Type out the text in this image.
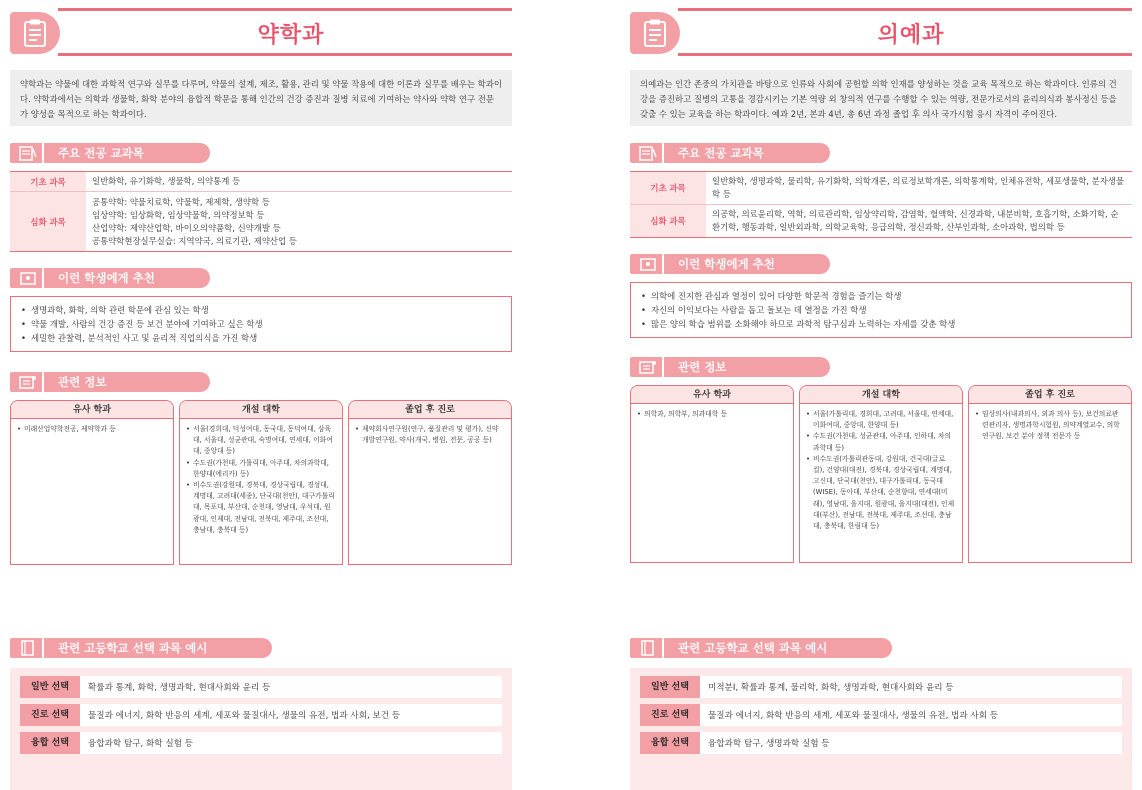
약학과
약학과는 약물에 대한 과학적 연구와 실무를 다루며, 약물의 설계, 제조, 활용, 관리 및 약물 작용에 대한 이론과 실무를 배우는 학과이다. 약학과에서는 의학과 생물학, 화학 분야의 융합적 학문을 통해 인간의 건강 증진과 질병 치료에 기여하는 약사와 약학 연구 전문가 양성을 목적으로 하는 학과이다.
주요 전공 교과목
기초 과목	일반화학, 유기화학, 생물학, 의약통계 등

심화 과목	공통약학: 약물치료학, 약물학, 제제학, 생약학 등
임상약학: 임상화학, 임상약물학, 의약정보학 등
산업약학: 제약산업학, 바이오의약품학, 신약개발 등
공통약학현장실무실습: 지역약국, 의료기관, 제약산업 등
이런 학생에게 추천
• 생명과학, 화학, 의학 관련 학문에 관심 있는 학생
• 약물 개발, 사람의 건강 증진 등 보건 분야에 기여하고 싶은 학생
• 세밀한 관찰력, 분석적인 사고 및 윤리적 직업의식을 가진 학생
관련 정보
유사 학과
• 미래산업약학전공, 제약학과 등
개설 대학
• 서울(경희대, 덕성여대, 동국대, 동덕여대, 삼육대, 서울대, 성균관대, 숙명여대, 연세대, 이화여대, 중앙대 등)
• 수도권(가천대, 가톨릭대, 아주대, 차의과학대, 한양대(에리카) 등)
• 비수도권(강원대, 경북대, 경상국립대, 경성대, 계명대, 고려대(세종), 단국대(천안), 대구가톨릭대, 목포대, 부산대, 순천대, 영남대, 우석대, 원광대, 인제대, 전남대, 전북대, 제주대, 조선대, 충남대, 충북대 등)
졸업 후 진로
• 제약회사연구원(연구, 품질관리 및 평가), 신약개발연구원, 약사(개국, 병원, 전문, 공공 등)
관련 고등학교 선택 과목 예시
일반 선택	확률과 통계, 화학, 생명과학, 현대사회와 윤리 등
진로 선택	물질과 에너지, 화학 반응의 세계, 세포와 물질대사, 생물의 유전, 법과 사회, 보건 등
융합 선택	융합과학 탐구, 화학 실험 등
의예과
의예과는 인간 존중의 가치관을 바탕으로 인류와 사회에 공헌할 의학 인재를 양성하는 것을 교육 목적으로 하는 학과이다. 인류의 건강을 증진하고 질병의 고통을 경감시키는 기본 역량 외 창의적 연구를 수행할 수 있는 역량, 전문가로서의 윤리의식과 봉사정신 등을 갖출 수 있는 교육을 하는 학과이다. 예과 2년, 본과 4년, 총 6년 과정 졸업 후 의사 국가시험 응시 자격이 주어진다.
주요 전공 교과목
기초 과목	일반화학, 생명과학, 물리학, 유기화학, 의학개론, 의료정보학개론, 의학통계학, 인체유전학, 세포생물학, 분자생물학 등

심화 과목	의공학, 의료윤리학, 역학, 의료관리학, 임상약리학, 감염학, 혈액학, 신경과학, 내분비학, 호흡기학, 소화기학, 순환기학, 행동과학, 일반외과학, 의학교육학, 응급의학, 정신과학, 산부인과학, 소아과학, 법의학 등
이런 학생에게 추천
• 의학에 진지한 관심과 열정이 있어 다양한 학문적 경험을 즐기는 학생
• 자신의 이익보다는 사람을 돕고 돌보는 데 열정을 가진 학생
• 많은 양의 학습 범위를 소화해야 하므로 과학적 탐구심과 노력하는 자세를 갖춘 학생
관련 정보
유사 학과
• 의학과, 의학부, 의과대학 등
개설 대학
• 서울(가톨릭대, 경희대, 고려대, 서울대, 연세대, 이화여대, 중앙대, 한양대 등)
• 수도권(가천대, 성균관대, 아주대, 인하대, 차의과학대 등)
• 비수도권(가톨릭관동대, 강원대, 건국대(글로컬), 건양대(대전), 경북대, 경상국립대, 계명대, 고신대, 단국대(천안), 대구가톨릭대, 동국대(WISE), 동아대, 부산대, 순천향대, 연세대(미래), 영남대, 을지대, 원광대, 을지대(대전), 인제대(부산), 전남대, 전북대, 제주대, 조선대, 충남대, 충북대, 한림대 등)
졸업 후 진로
• 임상의사(내과의사, 외과 의사 등), 보건의료관련관리자, 생명과학시험원, 의약계열교수, 의학연구원, 보건 분야 정책 전문가 등
관련 고등학교 선택 과목 예시
일반 선택	미적분Ⅰ, 확률과 통계, 물리학, 화학, 생명과학, 현대사회와 윤리 등
진로 선택	물질과 에너지, 화학 반응의 세계, 세포와 물질대사, 생물의 유전, 법과 사회 등
융합 선택	융합과학 탐구, 생명과학 실험 등
